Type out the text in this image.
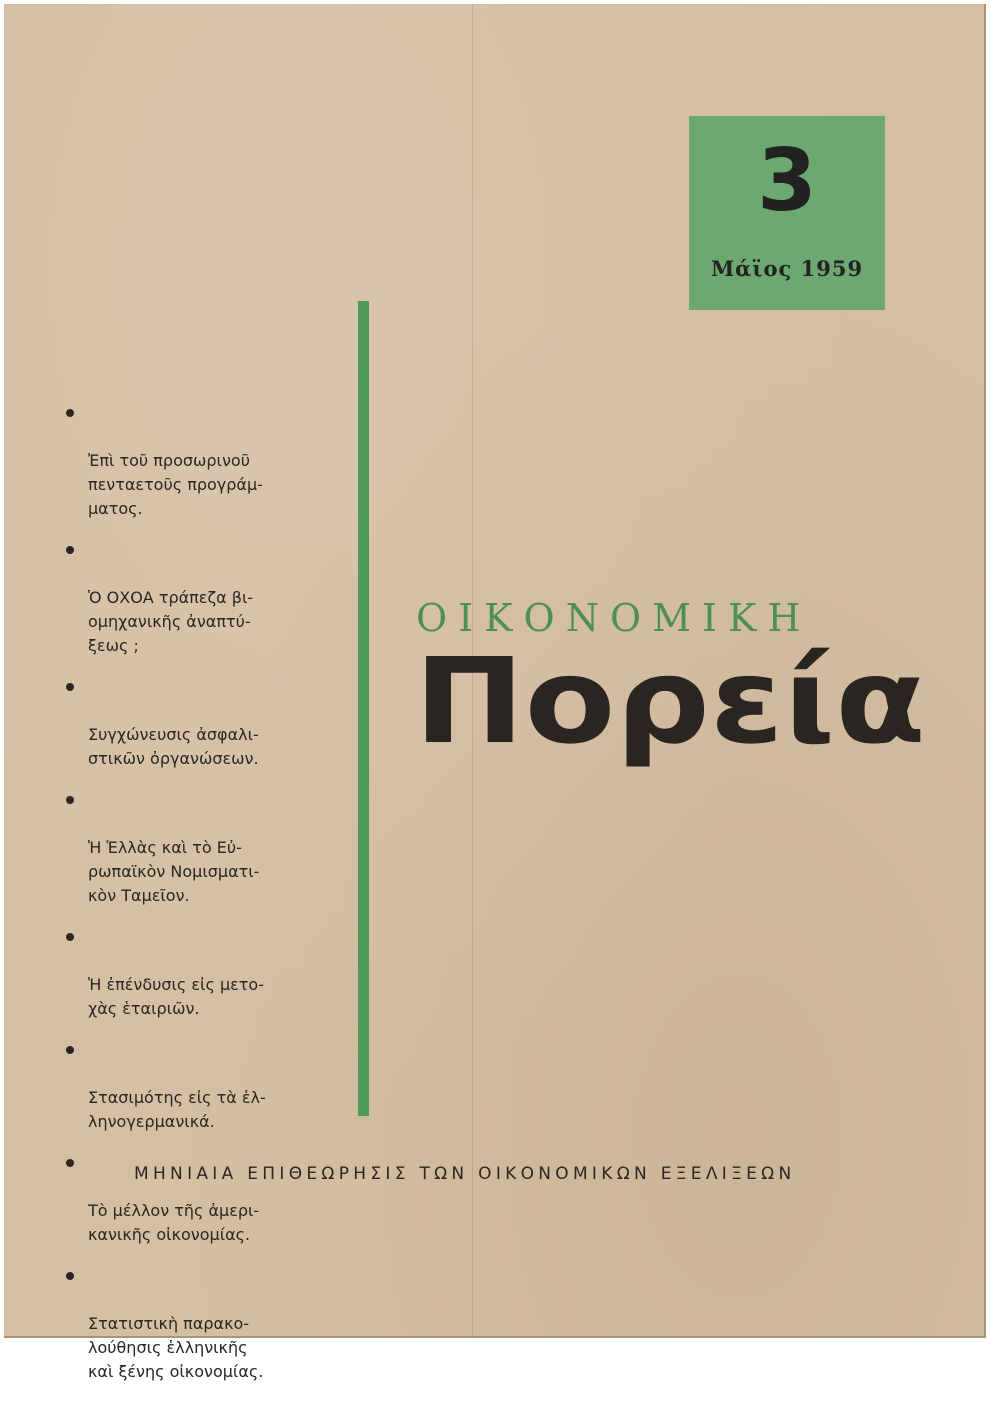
3
Μάϊος 1959

Ἐπὶ τοῦ προσωρινοῦ
πενταετοῦς προγράμ-
ματος.

Ὁ ΟΧΟΑ τράπεζα βι-
ομηχανικῆς ἀναπτύ-
ξεως ;

Συγχώνευσις ἀσφαλι-
στικῶν ὀργανώσεων.

Ἡ Ἑλλὰς καὶ τὸ Εὐ-
ρωπαϊκὸν Νομισματι-
κὸν Ταμεῖον.

Ἡ ἐπένδυσις εἰς μετο-
χὰς ἑταιριῶν.

Στασιμότης εἰς τὰ ἑλ-
ληνογερμανικά.

Τὸ μέλλον τῆς ἀμερι-
κανικῆς οἰκονομίας.

Στατιστικὴ παρακο-
λούθησις ἑλληνικῆς
καὶ ξένης οἰκονομίας.

ΟΙΚΟΝΟΜΙΚΗ
Πορεία
ΜΗΝΙΑΙΑ ΕΠΙΘΕΩΡΗΣΙΣ ΤΩΝ ΟΙΚΟΝΟΜΙΚΩΝ ΕΞΕΛΙΞΕΩΝ
